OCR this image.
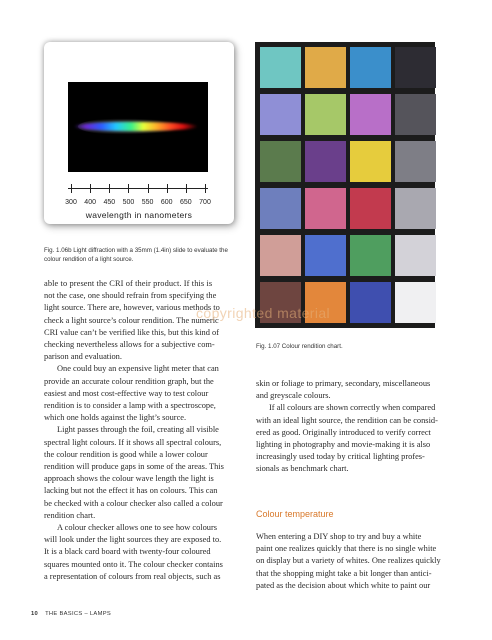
wavelength in nanometers
300 400 450 500 550 600 650 700
Fig. 1.06b Light diffraction with a 35mm (1.4in) slide to evaluate the
colour rendition of a light source.
Fig. 1.07 Colour rendition chart.
able to present the CRI of their product. If this is
not the case, one should refrain from specifying the
light source. There are, however, various methods to
check a light source’s colour rendition. The numeric
CRI value can’t be verified like this, but this kind of
checking nevertheless allows for a subjective com-
parison and evaluation.
One could buy an expensive light meter that can
provide an accurate colour rendition graph, but the
easiest and most cost-effective way to test colour
rendition is to consider a lamp with a spectroscope,
which one holds against the light’s source.
Light passes through the foil, creating all visible
spectral light colours. If it shows all spectral colours,
the colour rendition is good while a lower colour
rendition will produce gaps in some of the areas. This
approach shows the colour wave length the light is
lacking but not the effect it has on colours. This can
be checked with a colour checker also called a colour
rendition chart.
A colour checker allows one to see how colours
will look under the light sources they are exposed to.
It is a black card board with twenty-four coloured
squares mounted onto it. The colour checker contains
a representation of colours from real objects, such as
copyrighted material
skin or foliage to primary, secondary, miscellaneous
and greyscale colours.
If all colours are shown correctly when compared
with an ideal light source, the rendition can be consid-
ered as good. Originally introduced to verify correct
lighting in photography and movie-making it is also
increasingly used today by critical lighting profes-
sionals as benchmark chart.
Colour temperature
When entering a DIY shop to try and buy a white
paint one realizes quickly that there is no single white
on display but a variety of whites. One realizes quickly
that the shopping might take a bit longer than antici-
pated as the decision about which white to paint our
10 THE BASICS – LAMPS
